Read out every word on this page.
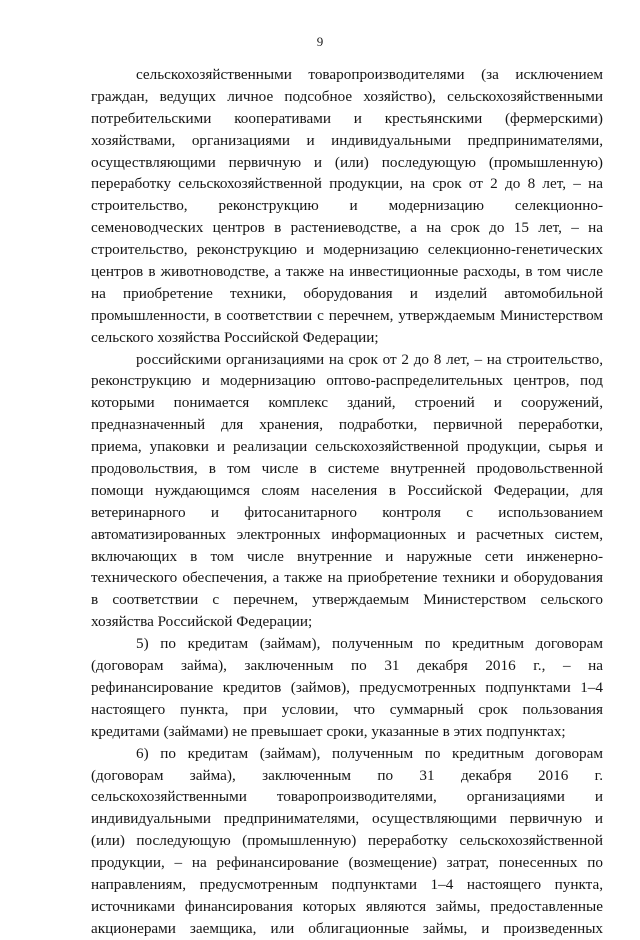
9
сельскохозяйственными товаропроизводителями (за исключением
граждан, ведущих личное подсобное хозяйство), сельскохозяйственными
потребительскими кооперативами и крестьянскими (фермерскими)
хозяйствами, организациями и индивидуальными предпринимателями,
осуществляющими первичную и (или) последующую (промышленную)
переработку сельскохозяйственной продукции, на срок от 2 до 8 лет, – на
строительство, реконструкцию и модернизацию селекционно-
семеноводческих центров в растениеводстве, а на срок до 15 лет, – на
строительство, реконструкцию и модернизацию селекционно-генетических
центров в животноводстве, а также на инвестиционные расходы, в том числе
на приобретение техники, оборудования и изделий автомобильной
промышленности, в соответствии с перечнем, утверждаемым Министерством
сельского хозяйства Российской Федерации;
российскими организациями на срок от 2 до 8 лет, – на строительство,
реконструкцию и модернизацию оптово-распределительных центров, под
которыми понимается комплекс зданий, строений и сооружений,
предназначенный для хранения, подработки, первичной переработки,
приема, упаковки и реализации сельскохозяйственной продукции, сырья и
продовольствия, в том числе в системе внутренней продовольственной
помощи нуждающимся слоям населения в Российской Федерации, для
ветеринарного и фитосанитарного контроля с использованием
автоматизированных электронных информационных и расчетных систем,
включающих в том числе внутренние и наружные сети инженерно-
технического обеспечения, а также на приобретение техники и оборудования
в соответствии с перечнем, утверждаемым Министерством сельского
хозяйства Российской Федерации;
5) по кредитам (займам), полученным по кредитным договорам
(договорам займа), заключенным по 31 декабря 2016 г., – на
рефинансирование кредитов (займов), предусмотренных подпунктами 1–4
настоящего пункта, при условии, что суммарный срок пользования
кредитами (займами) не превышает сроки, указанные в этих подпунктах;
6) по кредитам (займам), полученным по кредитным договорам
(договорам займа), заключенным по 31 декабря 2016 г.
сельскохозяйственными товаропроизводителями, организациями и
индивидуальными предпринимателями, осуществляющими первичную и
(или) последующую (промышленную) переработку сельскохозяйственной
продукции, – на рефинансирование (возмещение) затрат, понесенных по
направлениям, предусмотренным подпунктами 1–4 настоящего пункта,
источниками финансирования которых являются займы, предоставленные
акционерами заемщика, или облигационные займы, и произведенных
